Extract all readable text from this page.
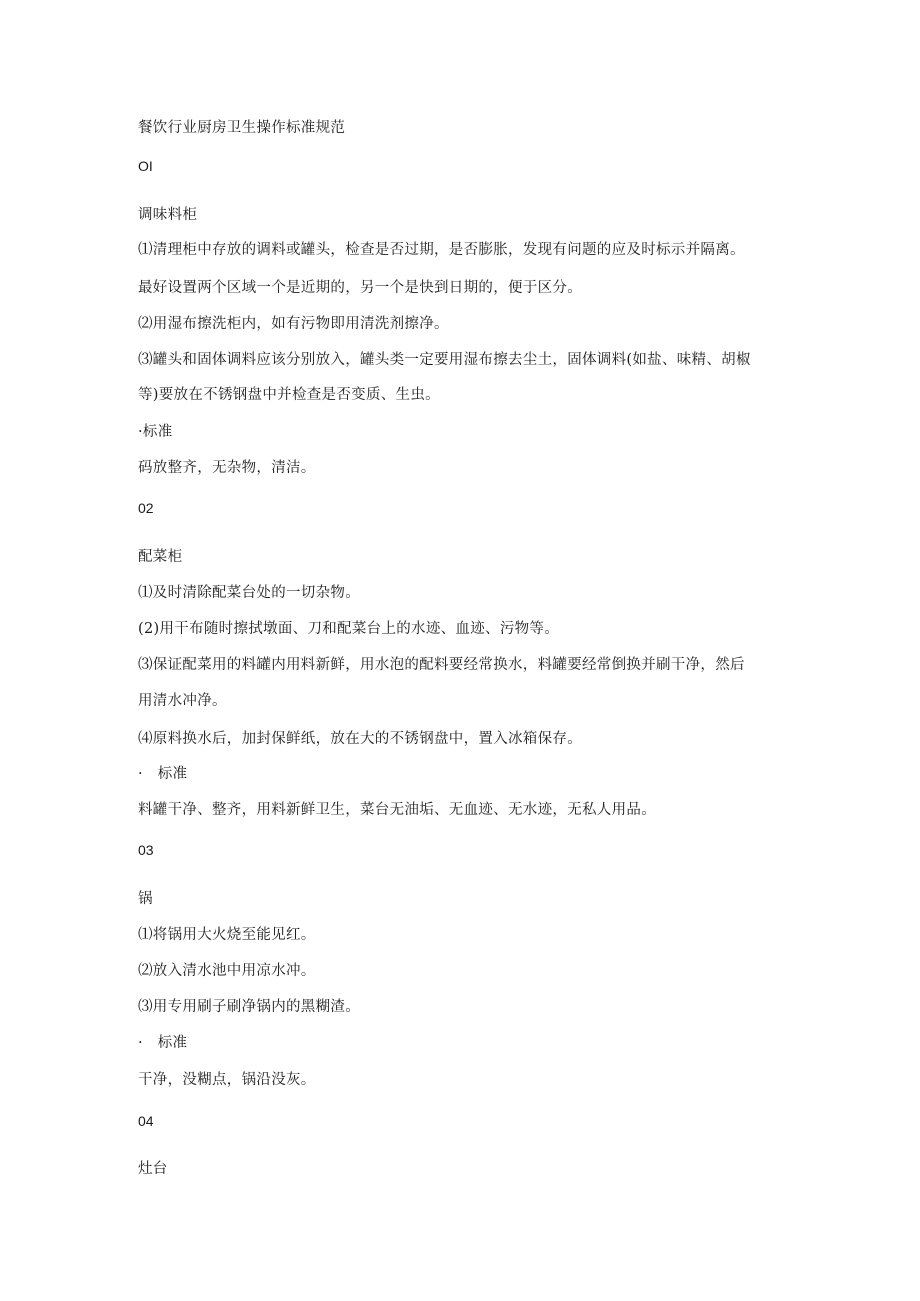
餐饮行业厨房卫生操作标准规范
OI
调味料柜
⑴清理柜中存放的调料或罐头，检查是否过期，是否膨胀，发现有问题的应及时标示并隔离。
最好设置两个区域一个是近期的，另一个是快到日期的，便于区分。
⑵用湿布擦洗柜内，如有污物即用清洗剂擦净。
⑶罐头和固体调料应该分别放入，罐头类一定要用湿布擦去尘土，固体调料(如盐、味精、胡椒
等)要放在不锈钢盘中并检查是否变质、生虫。
·标准
码放整齐，无杂物，清洁。
02
配菜柜
⑴及时清除配菜台处的一切杂物。
(2)用干布随时擦拭墩面、刀和配菜台上的水迹、血迹、污物等。
⑶保证配菜用的料罐内用料新鲜，用水泡的配料要经常换水，料罐要经常倒换并刷干净，然后
用清水冲净。
⑷原料换水后，加封保鲜纸，放在大的不锈钢盘中，置入冰箱保存。
·　标准
料罐干净、整齐，用料新鲜卫生，菜台无油垢、无血迹、无水迹，无私人用品。
03
锅
⑴将锅用大火烧至能见红。
⑵放入清水池中用凉水冲。
⑶用专用刷子刷净锅内的黑糊渣。
·　标准
干净，没糊点，锅沿没灰。
04
灶台
